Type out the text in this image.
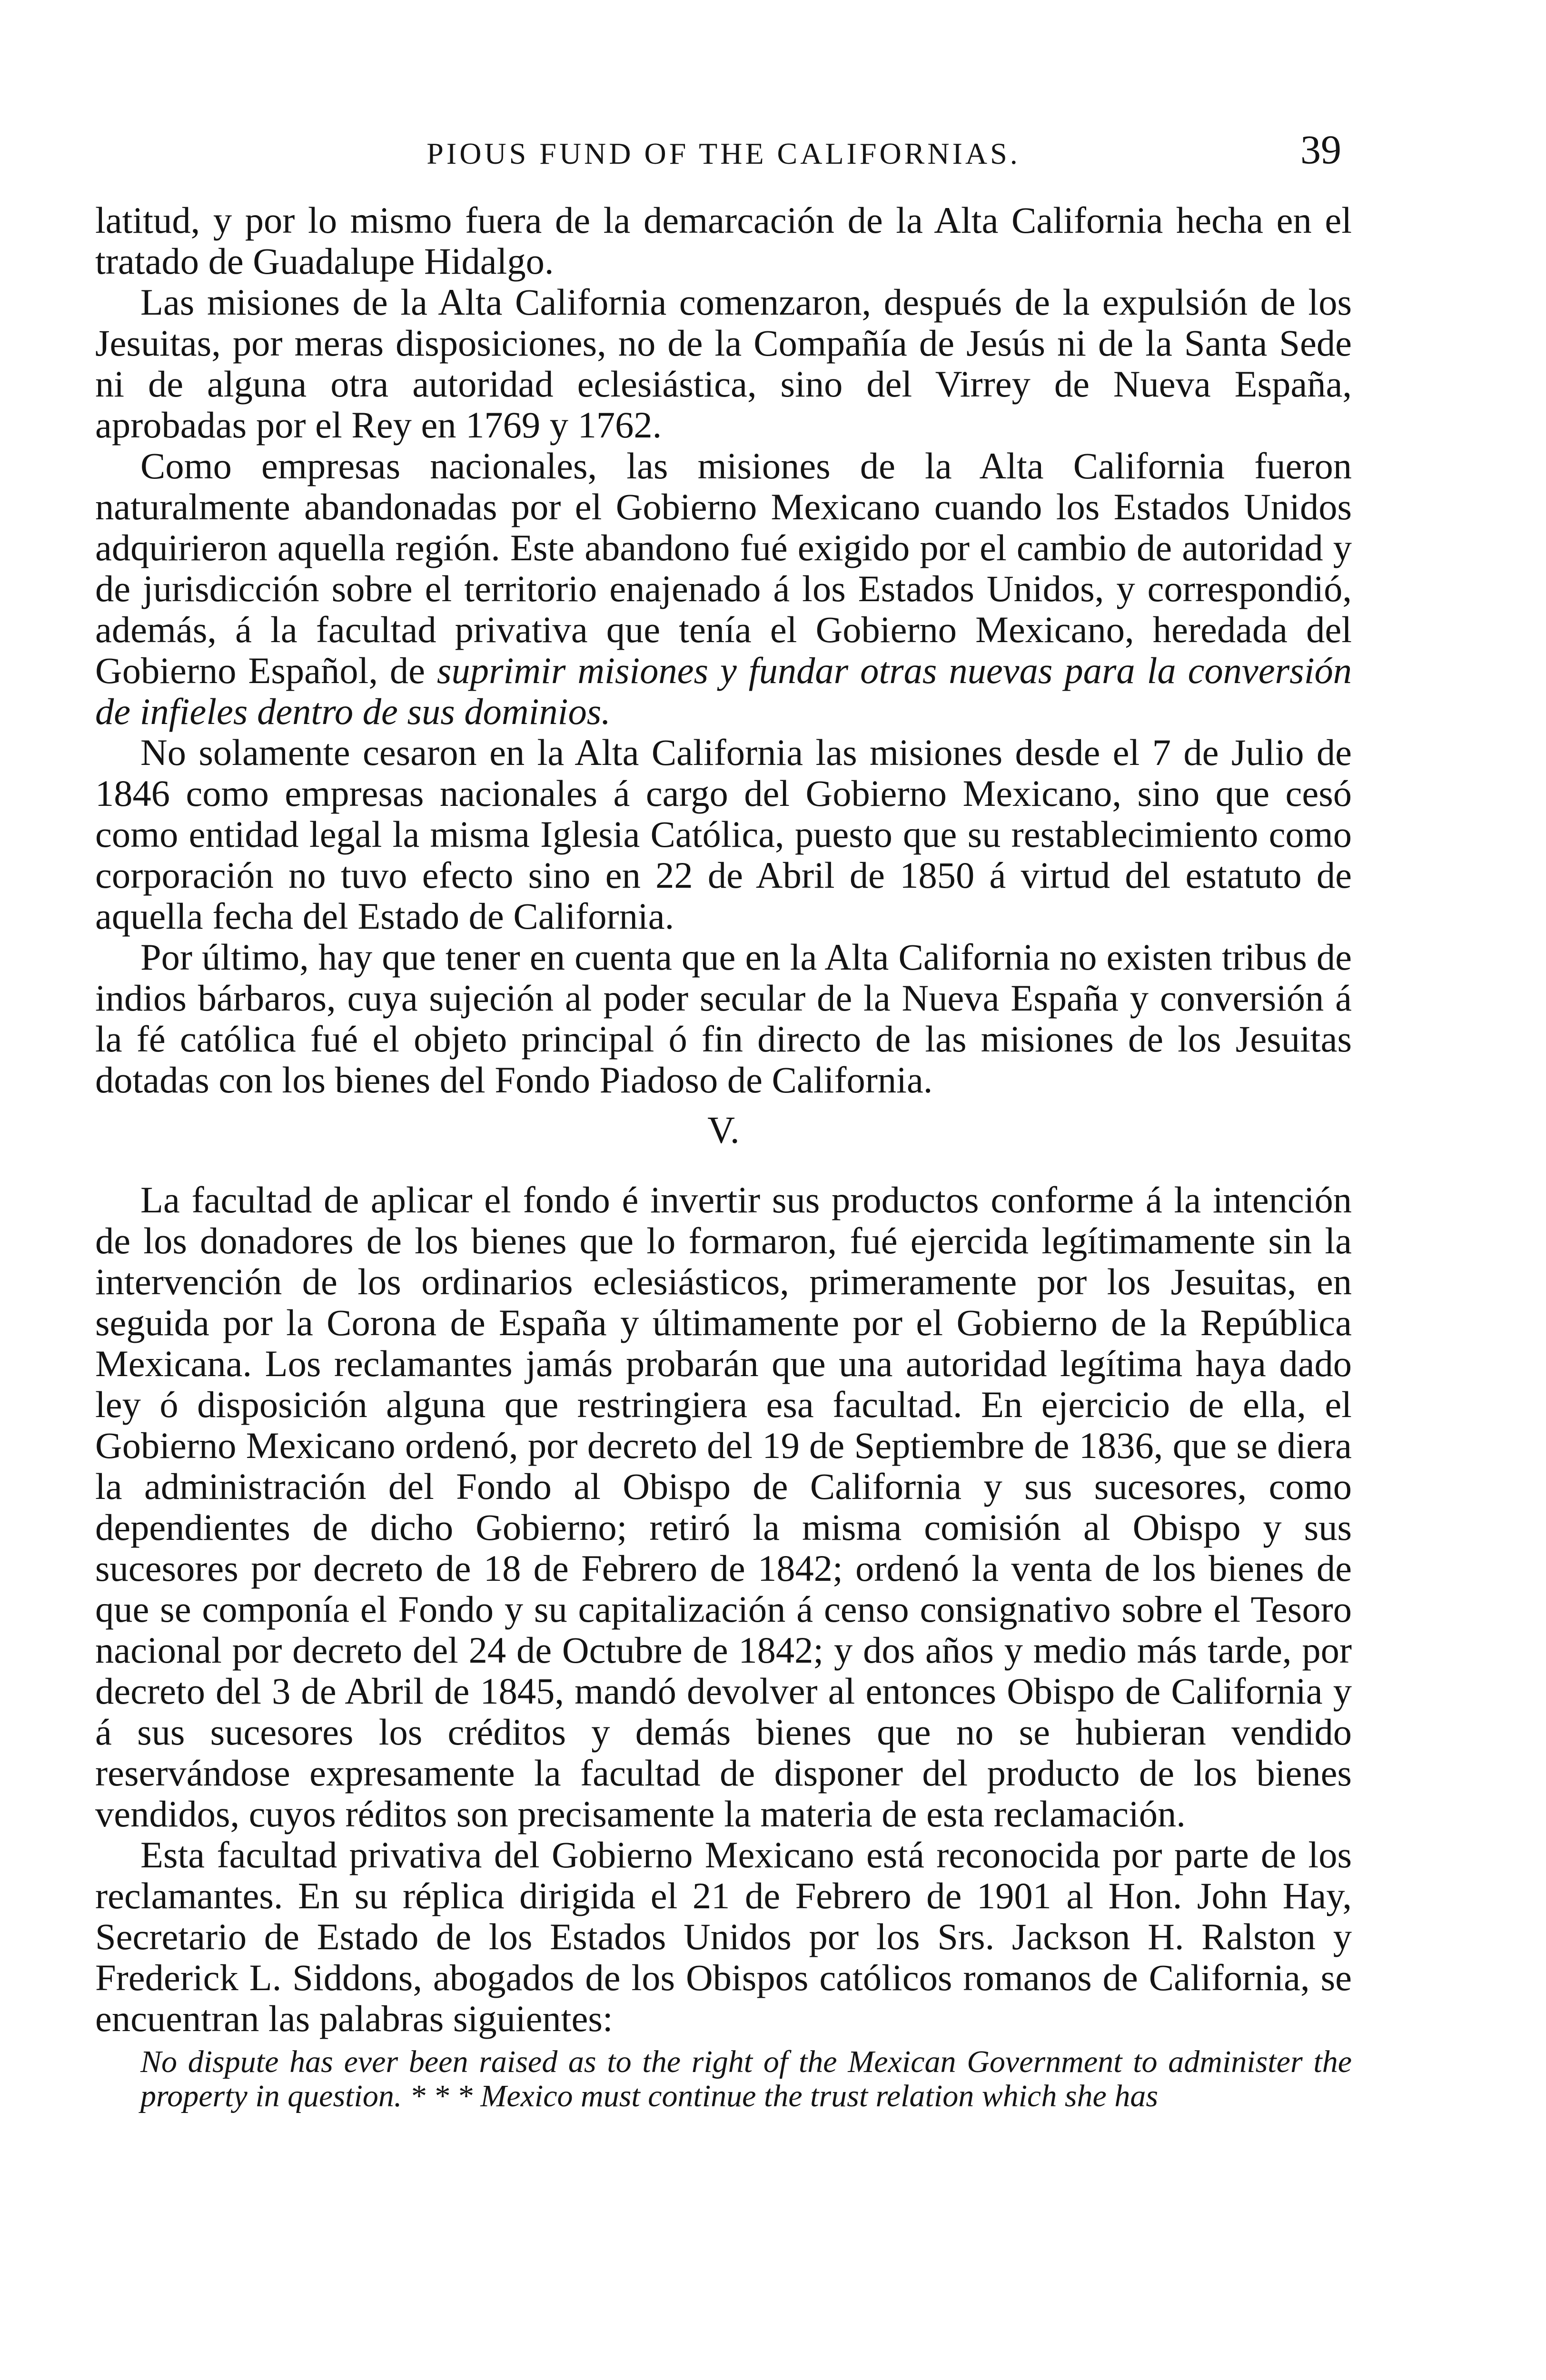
PIOUS FUND OF THE CALIFORNIAS.	39

latitud, y por lo mismo fuera de la demarcación de la Alta California hecha en el tratado de Guadalupe Hidalgo.

Las misiones de la Alta California comenzaron, después de la expulsión de los Jesuitas, por meras disposiciones, no de la Compañía de Jesús ni de la Santa Sede ni de alguna otra autoridad eclesiástica, sino del Virrey de Nueva España, aprobadas por el Rey en 1769 y 1762.

Como empresas nacionales, las misiones de la Alta California fueron naturalmente abandonadas por el Gobierno Mexicano cuando los Estados Unidos adquirieron aquella región. Este abandono fué exigido por el cambio de autoridad y de jurisdicción sobre el territorio enajenado á los Estados Unidos, y correspondió, además, á la facultad privativa que tenía el Gobierno Mexicano, heredada del Gobierno Español, de suprimir misiones y fundar otras nuevas para la conversión de infieles dentro de sus dominios.

No solamente cesaron en la Alta California las misiones desde el 7 de Julio de 1846 como empresas nacionales á cargo del Gobierno Mexicano, sino que cesó como entidad legal la misma Iglesia Católica, puesto que su restablecimiento como corporación no tuvo efecto sino en 22 de Abril de 1850 á virtud del estatuto de aquella fecha del Estado de California.

Por último, hay que tener en cuenta que en la Alta California no existen tribus de indios bárbaros, cuya sujeción al poder secular de la Nueva España y conversión á la fé católica fué el objeto principal ó fin directo de las misiones de los Jesuitas dotadas con los bienes del Fondo Piadoso de California.

V.

La facultad de aplicar el fondo é invertir sus productos conforme á la intención de los donadores de los bienes que lo formaron, fué ejercida legítimamente sin la intervención de los ordinarios eclesiásticos, primeramente por los Jesuitas, en seguida por la Corona de España y últimamente por el Gobierno de la República Mexicana. Los reclamantes jamás probarán que una autoridad legítima haya dado ley ó disposición alguna que restringiera esa facultad. En ejercicio de ella, el Gobierno Mexicano ordenó, por decreto del 19 de Septiembre de 1836, que se diera la administración del Fondo al Obispo de California y sus sucesores, como dependientes de dicho Gobierno; retiró la misma comisión al Obispo y sus sucesores por decreto de 18 de Febrero de 1842; ordenó la venta de los bienes de que se componía el Fondo y su capitalización á censo consignativo sobre el Tesoro nacional por decreto del 24 de Octubre de 1842; y dos años y medio más tarde, por decreto del 3 de Abril de 1845, mandó devolver al entonces Obispo de California y á sus sucesores los créditos y demás bienes que no se hubieran vendido reservándose expresamente la facultad de disponer del producto de los bienes vendidos, cuyos réditos son precisamente la materia de esta reclamación.

Esta facultad privativa del Gobierno Mexicano está reconocida por parte de los reclamantes. En su réplica dirigida el 21 de Febrero de 1901 al Hon. John Hay, Secretario de Estado de los Estados Unidos por los Srs. Jackson H. Ralston y Frederick L. Siddons, abogados de los Obispos católicos romanos de California, se encuentran las palabras siguientes:

No dispute has ever been raised as to the right of the Mexican Government to administer the property in question. * * * Mexico must continue the trust relation which she has
